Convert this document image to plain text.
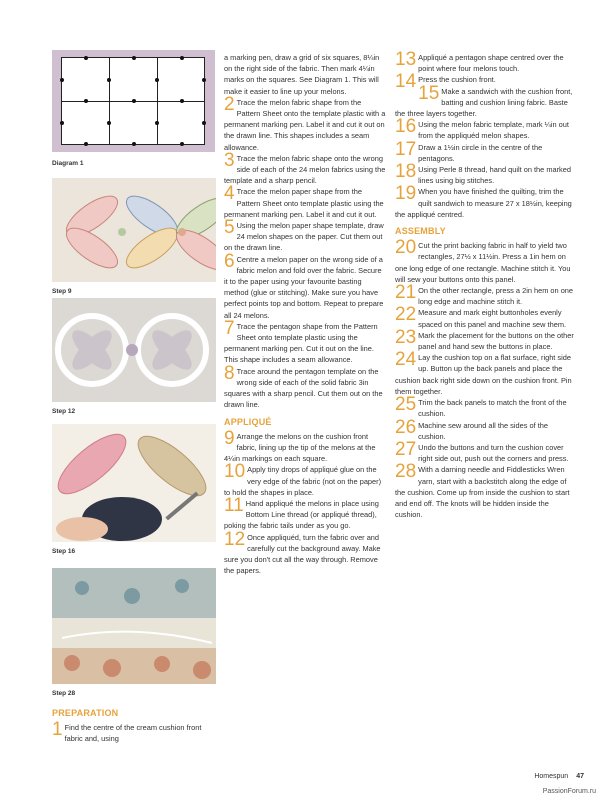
Diagram 1
Step 9
Step 12
Step 16
Step 28
PREPARATION

1 Find the centre of the cream cushion front fabric and, using

a marking pen, draw a grid of six squares, 8¼in on the right side of the fabric. Then mark 4¼in marks on the squares. See Diagram 1. This will make it easier to line up your melons.

2 Trace the melon fabric shape from the Pattern Sheet onto the template plastic with a permanent marking pen. Label it and cut it out on the drawn line. This shapes includes a seam allowance.

3 Trace the melon fabric shape onto the wrong side of each of the 24 melon fabrics using the template and a sharp pencil.

4 Trace the melon paper shape from the Pattern Sheet onto template plastic using the permanent marking pen. Label it and cut it out.

5 Using the melon paper shape template, draw 24 melon shapes on the paper. Cut them out on the drawn line.

6 Centre a melon paper on the wrong side of a fabric melon and fold over the fabric. Secure it to the paper using your favourite basting method (glue or stitching). Make sure you have perfect points top and bottom. Repeat to prepare all 24 melons.

7 Trace the pentagon shape from the Pattern Sheet onto template plastic using the permanent marking pen. Cut it out on the line. This shape includes a seam allowance.

8 Trace around the pentagon template on the wrong side of each of the solid fabric 3in squares with a sharp pencil. Cut them out on the drawn line.

APPLIQUÉ

9 Arrange the melons on the cushion front fabric, lining up the tip of the melons at the 4¼in markings on each square.

10 Apply tiny drops of appliqué glue on the very edge of the fabric (not on the paper) to hold the shapes in place.

11 Hand appliqué the melons in place using Bottom Line thread (or appliqué thread), poking the fabric tails under as you go.

12 Once appliquéd, turn the fabric over and carefully cut the background away. Make sure you don't cut all the way through. Remove the papers.

13 Appliqué a pentagon shape centred over the point where four melons touch.

14 Press the cushion front.

15 Make a sandwich with the cushion front, batting and cushion lining fabric. Baste the three layers together.

16 Using the melon fabric template, mark ¼in out from the appliquéd melon shapes.

17 Draw a 1½in circle in the centre of the pentagons.

18 Using Perle 8 thread, hand quilt on the marked lines using big stitches.

19 When you have finished the quilting, trim the quilt sandwich to measure 27 x 18½in, keeping the appliqué centred.

ASSEMBLY

20 Cut the print backing fabric in half to yield two rectangles, 27½ x 11½in. Press a 1in hem on one long edge of one rectangle. Machine stitch it. You will sew your buttons onto this panel.

21 On the other rectangle, press a 2in hem on one long edge and machine stitch it.

22 Measure and mark eight buttonholes evenly spaced on this panel and machine sew them.

23 Mark the placement for the buttons on the other panel and hand sew the buttons in place.

24 Lay the cushion top on a flat surface, right side up. Button up the back panels and place the cushion back right side down on the cushion front. Pin them together.

25 Trim the back panels to match the front of the cushion.

26 Machine sew around all the sides of the cushion.

27 Undo the buttons and turn the cushion cover right side out, push out the corners and press.

28 With a darning needle and Fiddlesticks Wren yarn, start with a backstitch along the edge of the cushion. Come up from inside the cushion to start and end off. The knots will be hidden inside the cushion.

Homespun 47
PassionForum.ru
